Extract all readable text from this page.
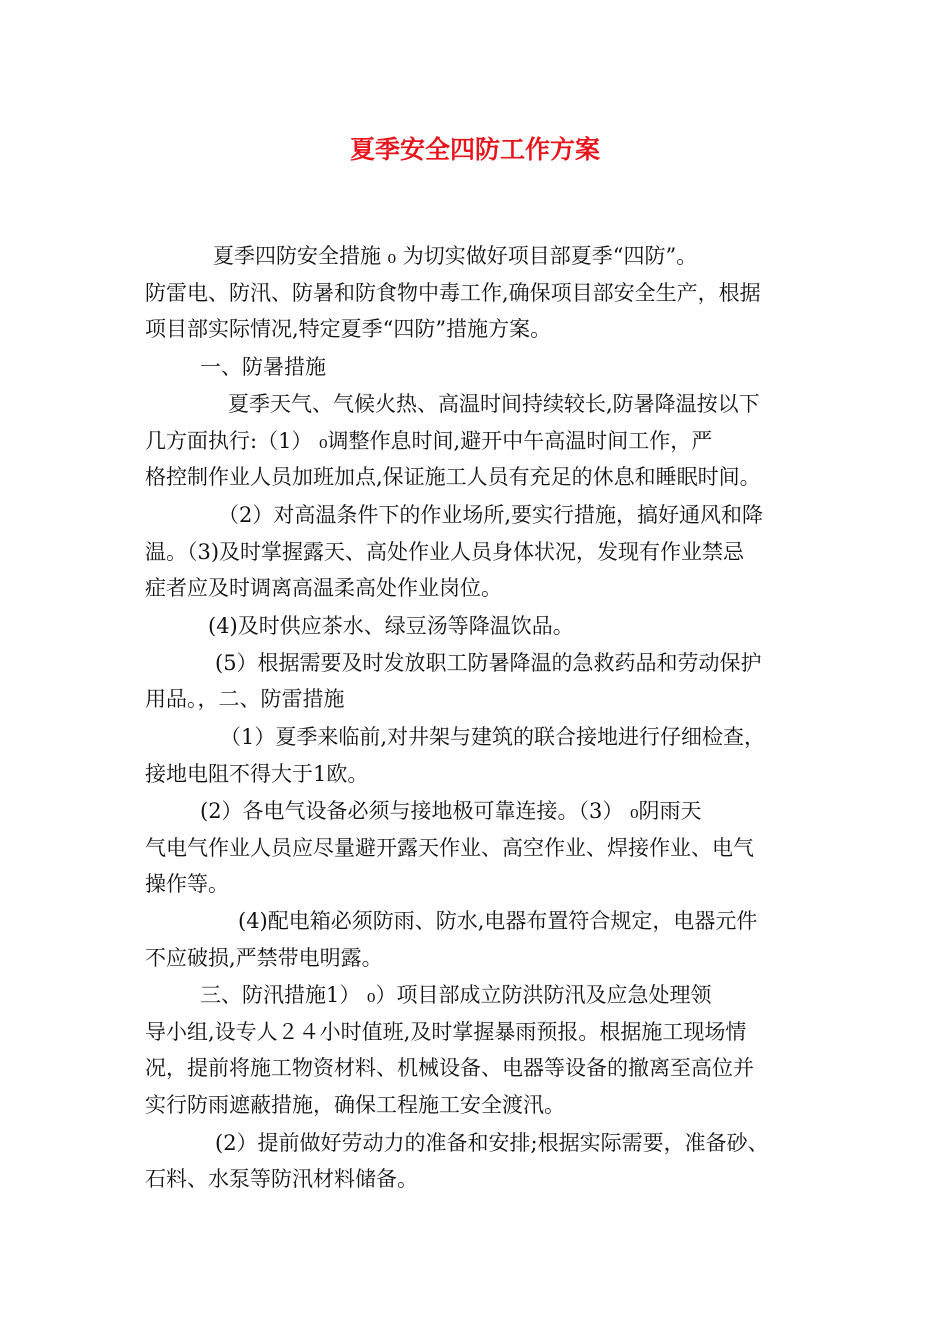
夏季安全四防工作方案

夏季四防安全措施 ₀ 为切实做好项目部夏季“四防”。

防雷电、防汛、防暑和防食物中毒工作,确保项目部安全生产，根据

项目部实际情况,特定夏季“四防”措施方案。

一、防暑措施

夏季天气、气候火热、高温时间持续较长,防暑降温按以下

几方面执行:（1） ₀调整作息时间,避开中午高温时间工作，严

格控制作业人员加班加点,保证施工人员有充足的休息和睡眠时间。

（2）对高温条件下的作业场所,要实行措施，搞好通风和降

温。（3)及时掌握露天、高处作业人员身体状况，发现有作业禁忌

症者应及时调离高温柔高处作业岗位。

(4)及时供应茶水、绿豆汤等降温饮品。

(5）根据需要及时发放职工防暑降温的急救药品和劳动保护

用品。，二、防雷措施

（1）夏季来临前,对井架与建筑的联合接地进行仔细检查，

接地电阻不得大于1欧。

(2）各电气设备必须与接地极可靠连接。（3） ₀阴雨天

气电气作业人员应尽量避开露天作业、高空作业、焊接作业、电气

操作等。

(4)配电箱必须防雨、防水,电器布置符合规定，电器元件

不应破损,严禁带电明露。

三、防汛措施1） ₀）项目部成立防洪防汛及应急处理领

导小组,设专人２４小时值班,及时掌握暴雨预报。根据施工现场情

况，提前将施工物资材料、机械设备、电器等设备的撤离至高位并

实行防雨遮蔽措施，确保工程施工安全渡汛。

(2）提前做好劳动力的准备和安排;根据实际需要，准备砂、

石料、水泵等防汛材料储备。
